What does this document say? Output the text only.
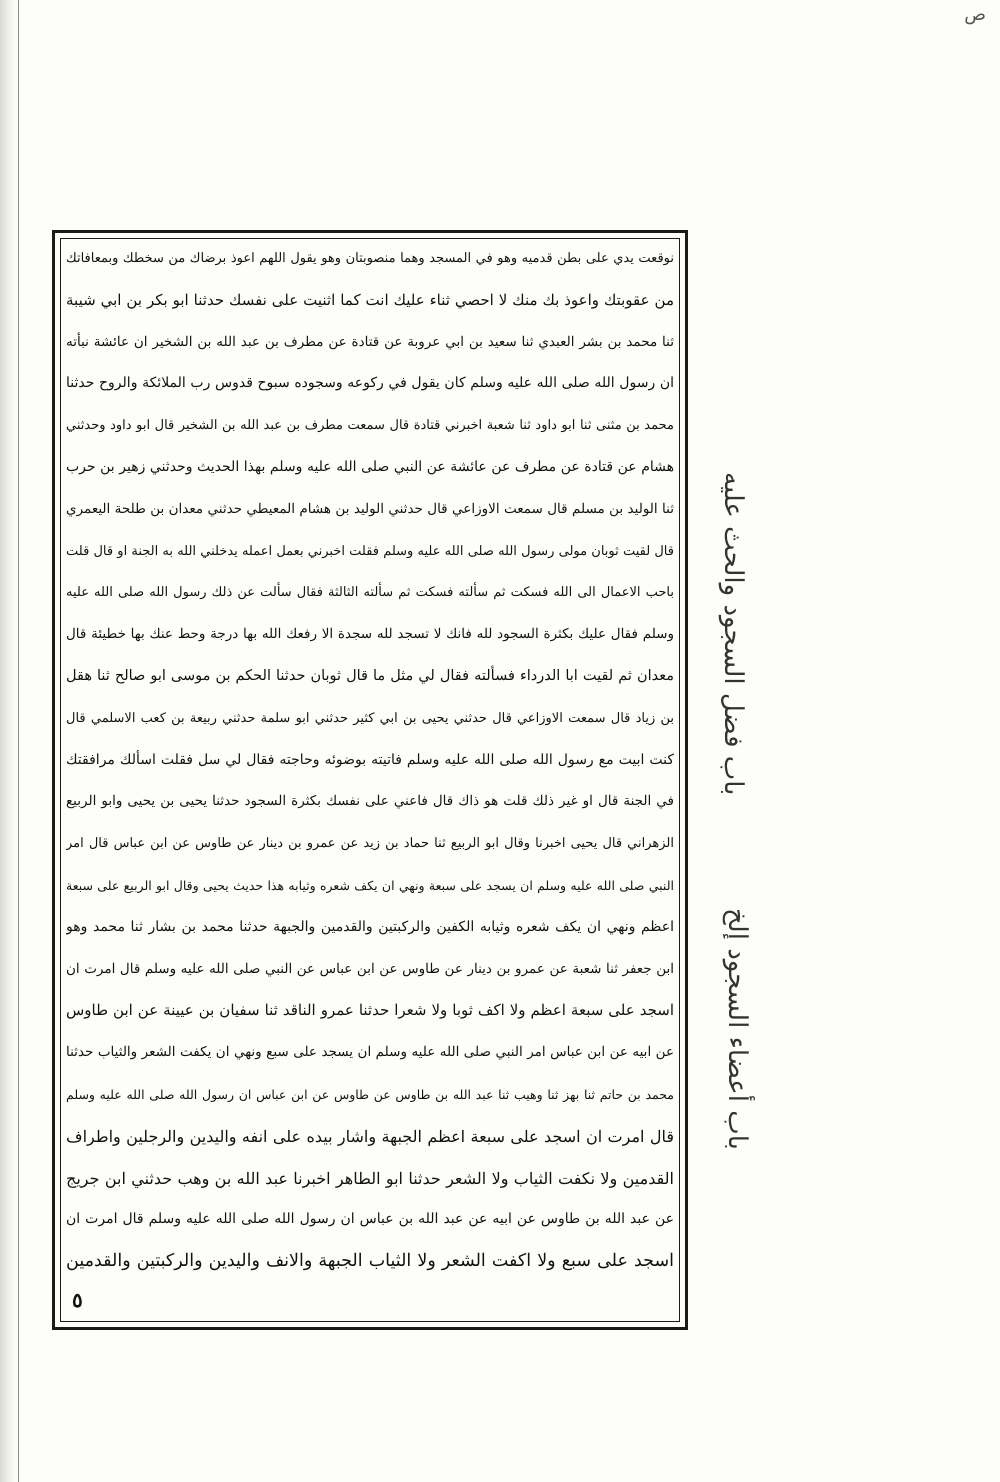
ص
نوقعت يدي على بطن قدميه وهو في المسجد وهما منصوبتان وهو يقول اللهم اعوذ برضاك من سخطك وبمعافاتك
من عقوبتك واعوذ بك منك لا احصي ثناء عليك انت كما اثنيت على نفسك حدثنا ابو بكر بن ابي شيبة
ثنا محمد بن بشر العبدي ثنا سعيد بن ابي عروبة عن قتادة عن مطرف بن عبد الله بن الشخير ان عائشة نبأته
ان رسول الله صلى الله عليه وسلم كان يقول في ركوعه وسجوده سبوح قدوس رب الملائكة والروح حدثنا
محمد بن مثنى ثنا ابو داود ثنا شعبة اخبرني قتادة قال سمعت مطرف بن عبد الله بن الشخير قال ابو داود وحدثني
هشام عن قتادة عن مطرف عن عائشة عن النبي صلى الله عليه وسلم بهذا الحديث وحدثني زهير بن حرب
ثنا الوليد بن مسلم قال سمعت الاوزاعي قال حدثني الوليد بن هشام المعيطي حدثني معدان بن طلحة اليعمري
قال لقيت ثوبان مولى رسول الله صلى الله عليه وسلم فقلت اخبرني بعمل اعمله يدخلني الله به الجنة او قال قلت
باحب الاعمال الى الله فسكت ثم سألته فسكت ثم سألته الثالثة فقال سألت عن ذلك رسول الله صلى الله عليه
وسلم فقال عليك بكثرة السجود لله فانك لا تسجد لله سجدة الا رفعك الله بها درجة وحط عنك بها خطيئة قال
معدان ثم لقيت ابا الدرداء فسألته فقال لي مثل ما قال ثوبان حدثنا الحكم بن موسى ابو صالح ثنا هقل
بن زياد قال سمعت الاوزاعي قال حدثني يحيى بن ابي كثير حدثني ابو سلمة حدثني ربيعة بن كعب الاسلمي قال
كنت ابيت مع رسول الله صلى الله عليه وسلم فاتيته بوضوئه وحاجته فقال لي سل فقلت اسألك مرافقتك
في الجنة قال او غير ذلك قلت هو ذاك قال فاعني على نفسك بكثرة السجود حدثنا يحيى بن يحيى وابو الربيع
الزهراني قال يحيى اخبرنا وقال ابو الربيع ثنا حماد بن زيد عن عمرو بن دينار عن طاوس عن ابن عباس قال امر
النبي صلى الله عليه وسلم ان يسجد على سبعة ونهي ان يكف شعره وثيابه هذا حديث يحيى وقال ابو الربيع على سبعة
اعظم ونهي ان يكف شعره وثيابه الكفين والركبتين والقدمين والجبهة حدثنا محمد بن بشار ثنا محمد وهو
ابن جعفر ثنا شعبة عن عمرو بن دينار عن طاوس عن ابن عباس عن النبي صلى الله عليه وسلم قال امرت ان
اسجد على سبعة اعظم ولا اكف ثوبا ولا شعرا حدثنا عمرو الناقد ثنا سفيان بن عيينة عن ابن طاوس
عن ابيه عن ابن عباس امر النبي صلى الله عليه وسلم ان يسجد على سبع ونهي ان يكفت الشعر والثياب حدثنا
محمد بن حاتم ثنا بهز ثنا وهيب ثنا عبد الله بن طاوس عن طاوس عن ابن عباس ان رسول الله صلى الله عليه وسلم
قال امرت ان اسجد على سبعة اعظم الجبهة واشار بيده على انفه واليدين والرجلين واطراف
القدمين ولا نكفت الثياب ولا الشعر حدثنا ابو الطاهر اخبرنا عبد الله بن وهب حدثني ابن جريج
عن عبد الله بن طاوس عن ابيه عن عبد الله بن عباس ان رسول الله صلى الله عليه وسلم قال امرت ان
اسجد على سبع ولا اكفت الشعر ولا الثياب الجبهة والانف واليدين والركبتين والقدمين
باب فضل السجود والحث عليه
باب أعضاء السجود إلخ
٥
